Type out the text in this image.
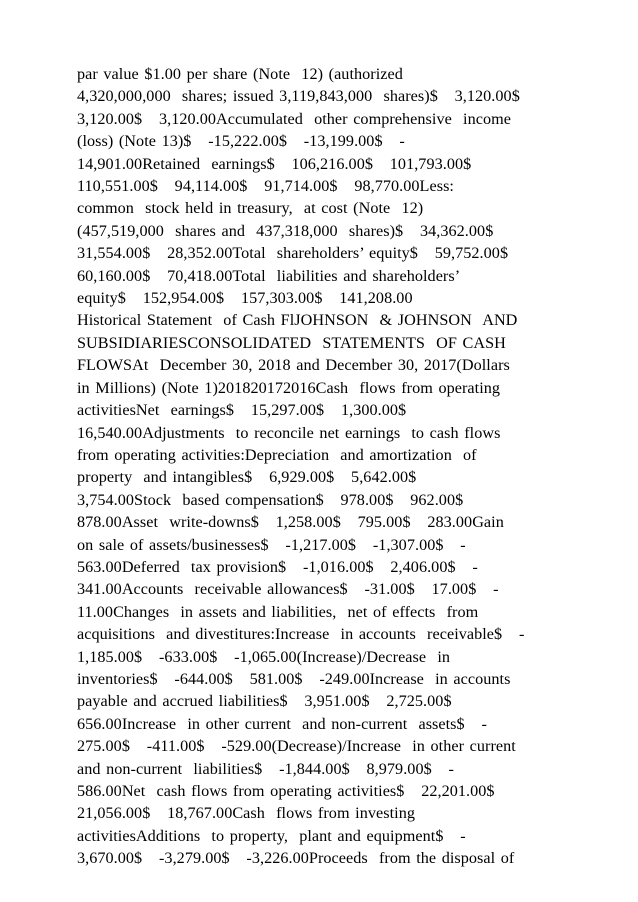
par value $1.00 per share (Note  12) (authorized
4,320,000,000  shares; issued 3,119,843,000  shares)$   3,120.00$
3,120.00$   3,120.00Accumulated  other comprehensive  income
(loss) (Note 13)$   -15,222.00$   -13,199.00$   -
14,901.00Retained  earnings$   106,216.00$   101,793.00$
110,551.00$   94,114.00$   91,714.00$   98,770.00Less:
common  stock held in treasury,  at cost (Note  12)
(457,519,000  shares and  437,318,000  shares)$   34,362.00$
31,554.00$   28,352.00Total  shareholders’ equity$   59,752.00$
60,160.00$   70,418.00Total  liabilities and shareholders’
equity$   152,954.00$   157,303.00$   141,208.00
Historical Statement  of Cash FlJOHNSON  & JOHNSON  AND
SUBSIDIARIESCONSOLIDATED  STATEMENTS  OF CASH
FLOWSAt  December 30, 2018 and December 30, 2017(Dollars
in Millions) (Note 1)201820172016Cash  flows from operating
activitiesNet  earnings$   15,297.00$   1,300.00$
16,540.00Adjustments  to reconcile net earnings  to cash flows
from operating activities:Depreciation  and amortization  of
property  and intangibles$   6,929.00$   5,642.00$
3,754.00Stock  based compensation$   978.00$   962.00$
878.00Asset  write-downs$   1,258.00$   795.00$   283.00Gain
on sale of assets/businesses$   -1,217.00$   -1,307.00$   -
563.00Deferred  tax provision$   -1,016.00$   2,406.00$   -
341.00Accounts  receivable allowances$   -31.00$   17.00$   -
11.00Changes  in assets and liabilities,  net of effects  from
acquisitions  and divestitures:Increase  in accounts  receivable$   -
1,185.00$   -633.00$   -1,065.00(Increase)/Decrease  in
inventories$   -644.00$   581.00$   -249.00Increase  in accounts
payable and accrued liabilities$   3,951.00$   2,725.00$
656.00Increase  in other current  and non-current  assets$   -
275.00$   -411.00$   -529.00(Decrease)/Increase  in other current
and non-current  liabilities$   -1,844.00$   8,979.00$   -
586.00Net  cash flows from operating activities$   22,201.00$
21,056.00$   18,767.00Cash  flows from investing
activitiesAdditions  to property,  plant and equipment$   -
3,670.00$   -3,279.00$   -3,226.00Proceeds  from the disposal of
